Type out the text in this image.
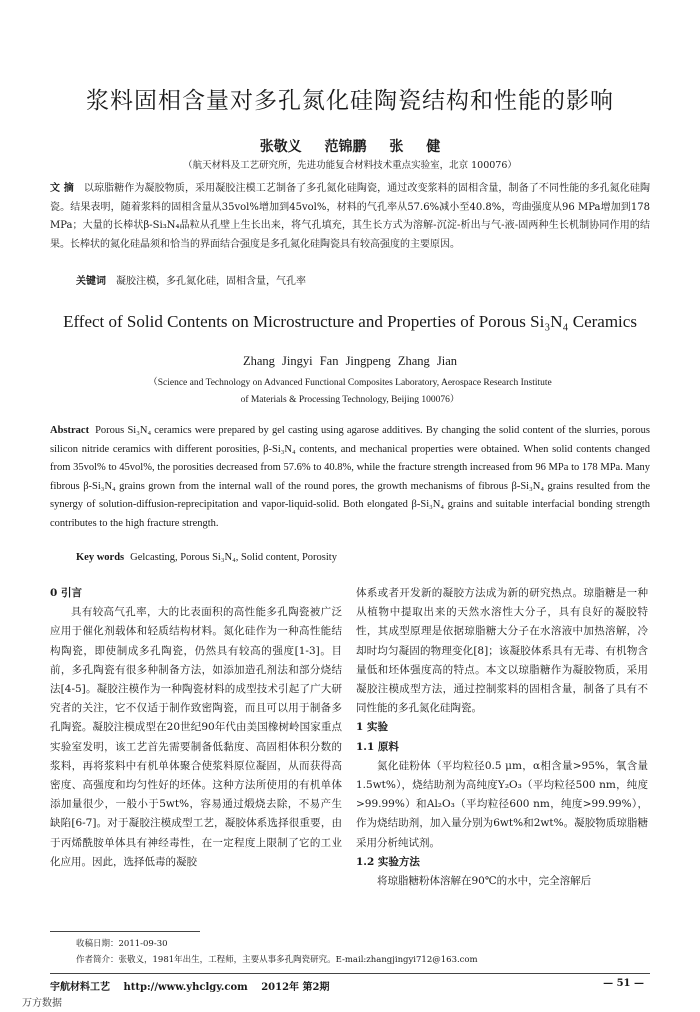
浆料固相含量对多孔氮化硅陶瓷结构和性能的影响
张敬义 范锦鹏 张 健
（航天材料及工艺研究所，先进功能复合材料技术重点实验室，北京 100076）
文 摘 以琼脂糖作为凝胶物质，采用凝胶注模工艺制备了多孔氮化硅陶瓷，通过改变浆料的固相含量，制备了不同性能的多孔氮化硅陶瓷。结果表明，随着浆料的固相含量从35vol%增加到45vol%，材料的气孔率从57.6%减小至40.8%，弯曲强度从96 MPa增加到178 MPa；大量的长棒状β-Si₃N₄晶粒从孔壁上生长出来，将气孔填充，其生长方式为溶解-沉淀-析出与气-液-固两种生长机制协同作用的结果。长棒状的氮化硅晶须和恰当的界面结合强度是多孔氮化硅陶瓷具有较高强度的主要原因。
关键词 凝胶注模，多孔氮化硅，固相含量，气孔率
Effect of Solid Contents on Microstructure and Properties of Porous Si₃N₄ Ceramics
Zhang Jingyi Fan Jingpeng Zhang Jian
（Science and Technology on Advanced Functional Composites Laboratory, Aerospace Research Institute
of Materials & Processing Technology, Beijing 100076）
Abstract Porous Si₃N₄ ceramics were prepared by gel casting using agarose additives. By changing the solid content of the slurries, porous silicon nitride ceramics with different porosities, β-Si₃N₄ contents, and mechanical properties were obtained. When solid contents changed from 35vol% to 45vol%, the porosities decreased from 57.6% to 40.8%, while the fracture strength increased from 96 MPa to 178 MPa. Many fibrous β-Si₃N₄ grains grown from the internal wall of the round pores, the growth mechanisms of fibrous β-Si₃N₄ grains resulted from the synergy of solution-diffusion-reprecipitation and vapor-liquid-solid. Both elongated β-Si₃N₄ grains and suitable interfacial bonding strength contributes to the high fracture strength.
Key words Gelcasting, Porous Si₃N₄, Solid content, Porosity

0 引言

具有较高气孔率，大的比表面积的高性能多孔陶瓷被广泛应用于催化剂载体和轻质结构材料。氮化硅作为一种高性能结构陶瓷，即使制成多孔陶瓷，仍然具有较高的强度[1-3]。目前，多孔陶瓷有很多种制备方法，如添加造孔剂法和部分烧结法[4-5]。凝胶注模作为一种陶瓷材料的成型技术引起了广大研究者的关注，它不仅适于制作致密陶瓷，而且可以用于制备多孔陶瓷。凝胶注模成型在20世纪90年代由美国橡树岭国家重点实验室发明，该工艺首先需要制备低黏度、高固相体积分数的浆料，再将浆料中有机单体聚合使浆料原位凝固，从而获得高密度、高强度和均匀性好的坯体。这种方法所使用的有机单体添加量很少，一般小于5wt%，容易通过煅烧去除，不易产生缺陷[6-7]。对于凝胶注模成型工艺，凝胶体系选择很重要，由于丙烯酰胺单体具有神经毒性，在一定程度上限制了它的工业化应用。因此，选择低毒的凝胶

体系或者开发新的凝胶方法成为新的研究热点。琼脂糖是一种从植物中提取出来的天然水溶性大分子，具有良好的凝胶特性，其成型原理是依据琼脂糖大分子在水溶液中加热溶解，冷却时均匀凝固的物理变化[8]；该凝胶体系具有无毒、有机物含量低和坯体强度高的特点。本文以琼脂糖作为凝胶物质，采用凝胶注模成型方法，通过控制浆料的固相含量，制备了具有不同性能的多孔氮化硅陶瓷。

1 实验

1.1 原料

氮化硅粉体（平均粒径0.5 μm，α相含量>95%，氧含量1.5wt%），烧结助剂为高纯度Y₂O₃（平均粒径500 nm，纯度>99.99%）和Al₂O₃（平均粒径600 nm，纯度>99.99%），作为烧结助剂，加入量分别为6wt%和2wt%。凝胶物质琼脂糖采用分析纯试剂。

1.2 实验方法

将琼脂糖粉体溶解在90℃的水中，完全溶解后

收稿日期：2011-09-30
作者简介：张敬义，1981年出生，工程师，主要从事多孔陶瓷研究。E-mail:zhangjingyi712@163.com
宇航材料工艺 http://www.yhclgy.com 2012年 第2期	— 51 —
万方数据
